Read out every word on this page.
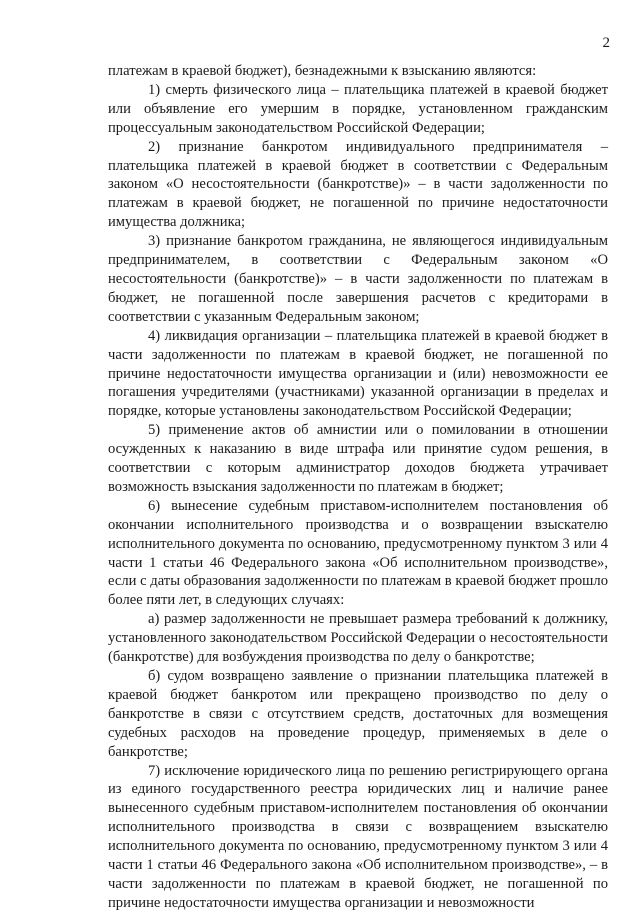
2

платежам в краевой бюджет), безнадежными к взысканию являются:

1) смерть физического лица – плательщика платежей в краевой бюджет или объявление его умершим в порядке, установленном гражданским процессуальным законодательством Российской Федерации;

2) признание банкротом индивидуального предпринимателя – плательщика платежей в краевой бюджет в соответствии с Федеральным законом «О несостоятельности (банкротстве)» – в части задолженности по платежам в краевой бюджет, не погашенной по причине недостаточности имущества должника;

3) признание банкротом гражданина, не являющегося индивидуальным предпринимателем, в соответствии с Федеральным законом «О несостоятельности (банкротстве)» – в части задолженности по платежам в бюджет, не погашенной после завершения расчетов с кредиторами в соответствии с указанным Федеральным законом;

4) ликвидация организации – плательщика платежей в краевой бюджет в части задолженности по платежам в краевой бюджет, не погашенной по причине недостаточности имущества организации и (или) невозможности ее погашения учредителями (участниками) указанной организации в пределах и порядке, которые установлены законодательством Российской Федерации;

5) применение актов об амнистии или о помиловании в отношении осужденных к наказанию в виде штрафа или принятие судом решения, в соответствии с которым администратор доходов бюджета утрачивает возможность взыскания задолженности по платежам в бюджет;

6) вынесение судебным приставом-исполнителем постановления об окончании исполнительного производства и о возвращении взыскателю исполнительного документа по основанию, предусмотренному пунктом 3 или 4 части 1 статьи 46 Федерального закона «Об исполнительном производстве», если с даты образования задолженности по платежам в краевой бюджет прошло более пяти лет, в следующих случаях:

а) размер задолженности не превышает размера требований к должнику, установленного законодательством Российской Федерации о несостоятельности (банкротстве) для возбуждения производства по делу о банкротстве;

б) судом возвращено заявление о признании плательщика платежей в краевой бюджет банкротом или прекращено производство по делу о банкротстве в связи с отсутствием средств, достаточных для возмещения судебных расходов на проведение процедур, применяемых в деле о банкротстве;

7) исключение юридического лица по решению регистрирующего органа из единого государственного реестра юридических лиц и наличие ранее вынесенного судебным приставом-исполнителем постановления об окончании исполнительного производства в связи с возвращением взыскателю исполнительного документа по основанию, предусмотренному пунктом 3 или 4 части 1 статьи 46 Федерального закона «Об исполнительном производстве», – в части задолженности по платежам в краевой бюджет, не погашенной по причине недостаточности имущества организации и невозможности
